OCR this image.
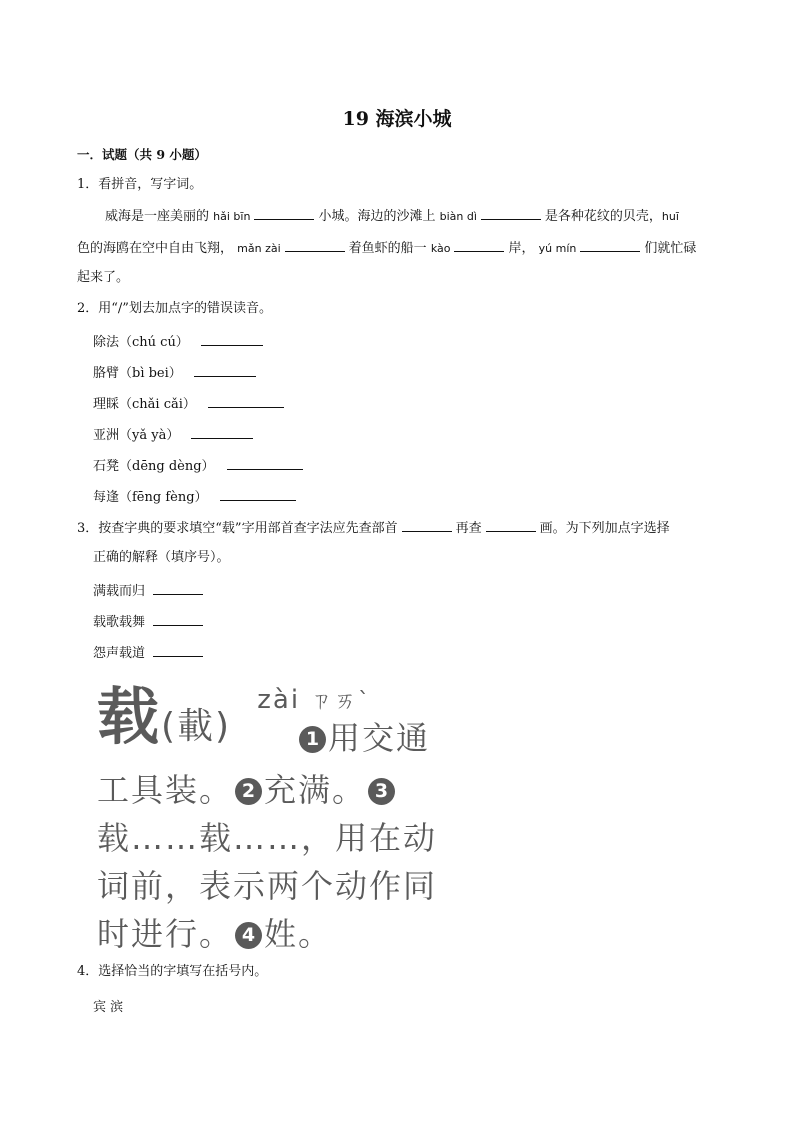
19 海滨小城
一．试题（共 9 小题）
1．看拼音，写字词。
威海是一座美丽的 hǎi bīn	小城。海边的沙滩上 biàn dì	是各种花纹的贝壳，huī
色的海鸥在空中自由飞翔， mǎn zài	着鱼虾的船一 kào	岸， yú mín	们就忙碌
起来了。
2．用“/”划去加点字的错误读音。
除法（chú cú）
胳臂（bì bei）
理睬（chǎi cǎi）
亚洲（yǎ yà）
石凳（dēng dèng）
每逢（fēng fèng）
3．按查字典的要求填空“载”字用部首查字法应先查部首	再查	画。为下列加点字选择
正确的解释（填序号）。
满载而归
载歌载舞
怨声载道
载(載) $^{zài}$ $^{ㄗㄞˋ}$
1 用交通
工具装。 2 充满。 3
载……载……，用在动
词前，表示两个动作同
时进行。 4 姓。
4．选择恰当的字填写在括号内。
宾 滨
